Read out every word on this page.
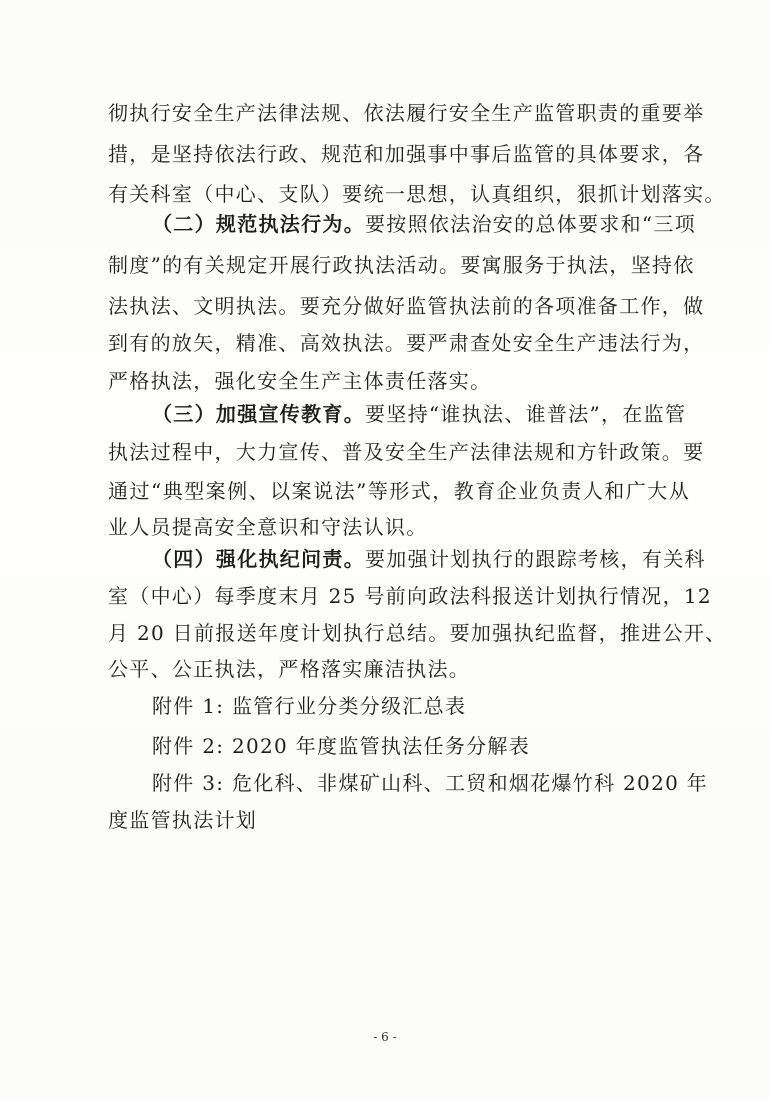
彻执行安全生产法律法规、依法履行安全生产监管职责的重要举
措，是坚持依法行政、规范和加强事中事后监管的具体要求，各
有关科室（中心、支队）要统一思想，认真组织，狠抓计划落实。
（二）规范执法行为。要按照依法治安的总体要求和“三项
制度”的有关规定开展行政执法活动。要寓服务于执法，坚持依
法执法、文明执法。要充分做好监管执法前的各项准备工作，做
到有的放矢，精准、高效执法。要严肃查处安全生产违法行为，
严格执法，强化安全生产主体责任落实。
（三）加强宣传教育。要坚持“谁执法、谁普法”，在监管
执法过程中，大力宣传、普及安全生产法律法规和方针政策。要
通过“典型案例、以案说法”等形式，教育企业负责人和广大从
业人员提高安全意识和守法认识。
（四）强化执纪问责。要加强计划执行的跟踪考核，有关科
室（中心）每季度末月 25 号前向政法科报送计划执行情况，12
月 20 日前报送年度计划执行总结。要加强执纪监督，推进公开、
公平、公正执法，严格落实廉洁执法。
附件 1: 监管行业分类分级汇总表
附件 2: 2020 年度监管执法任务分解表
附件 3: 危化科、非煤矿山科、工贸和烟花爆竹科 2020 年
度监管执法计划
- 6 -
